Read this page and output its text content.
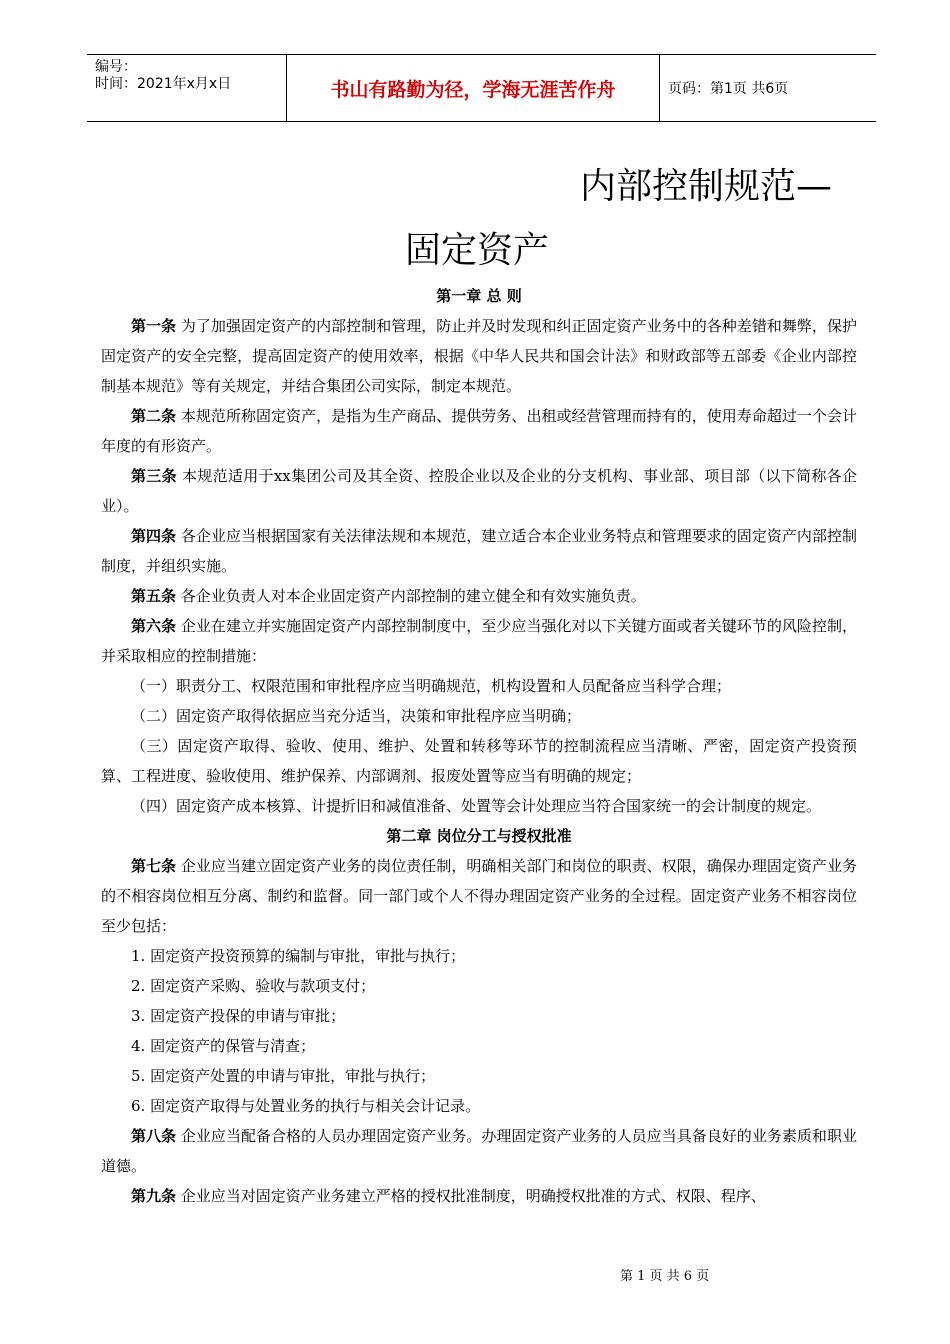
编号：
时间：2021年x月x日	书山有路勤为径，学海无涯苦作舟	页码：第1页 共6页
内部控制规范—
固定资产
第一章 总 则

第一条 为了加强固定资产的内部控制和管理，防止并及时发现和纠正固定资产业务中的各种差错和舞弊，保护固定资产的安全完整，提高固定资产的使用效率，根据《中华人民共和国会计法》和财政部等五部委《企业内部控制基本规范》等有关规定，并结合集团公司实际，制定本规范。

第二条 本规范所称固定资产，是指为生产商品、提供劳务、出租或经营管理而持有的，使用寿命超过一个会计年度的有形资产。

第三条 本规范适用于xx集团公司及其全资、控股企业以及企业的分支机构、事业部、项目部（以下简称各企业）。

第四条 各企业应当根据国家有关法律法规和本规范，建立适合本企业业务特点和管理要求的固定资产内部控制制度，并组织实施。

第五条 各企业负责人对本企业固定资产内部控制的建立健全和有效实施负责。

第六条 企业在建立并实施固定资产内部控制制度中，至少应当强化对以下关键方面或者关键环节的风险控制，并采取相应的控制措施：

（一）职责分工、权限范围和审批程序应当明确规范，机构设置和人员配备应当科学合理；

（二）固定资产取得依据应当充分适当，决策和审批程序应当明确；

（三）固定资产取得、验收、使用、维护、处置和转移等环节的控制流程应当清晰、严密，固定资产投资预算、工程进度、验收使用、维护保养、内部调剂、报废处置等应当有明确的规定；

（四）固定资产成本核算、计提折旧和减值准备、处置等会计处理应当符合国家统一的会计制度的规定。

第二章 岗位分工与授权批准

第七条 企业应当建立固定资产业务的岗位责任制，明确相关部门和岗位的职责、权限，确保办理固定资产业务的不相容岗位相互分离、制约和监督。同一部门或个人不得办理固定资产业务的全过程。固定资产业务不相容岗位至少包括：

1. 固定资产投资预算的编制与审批，审批与执行；

2. 固定资产采购、验收与款项支付；

3. 固定资产投保的申请与审批；

4. 固定资产的保管与清查；

5. 固定资产处置的申请与审批，审批与执行；

6. 固定资产取得与处置业务的执行与相关会计记录。

第八条 企业应当配备合格的人员办理固定资产业务。办理固定资产业务的人员应当具备良好的业务素质和职业道德。

第九条 企业应当对固定资产业务建立严格的授权批准制度，明确授权批准的方式、权限、程序、

第 1 页 共 6 页
